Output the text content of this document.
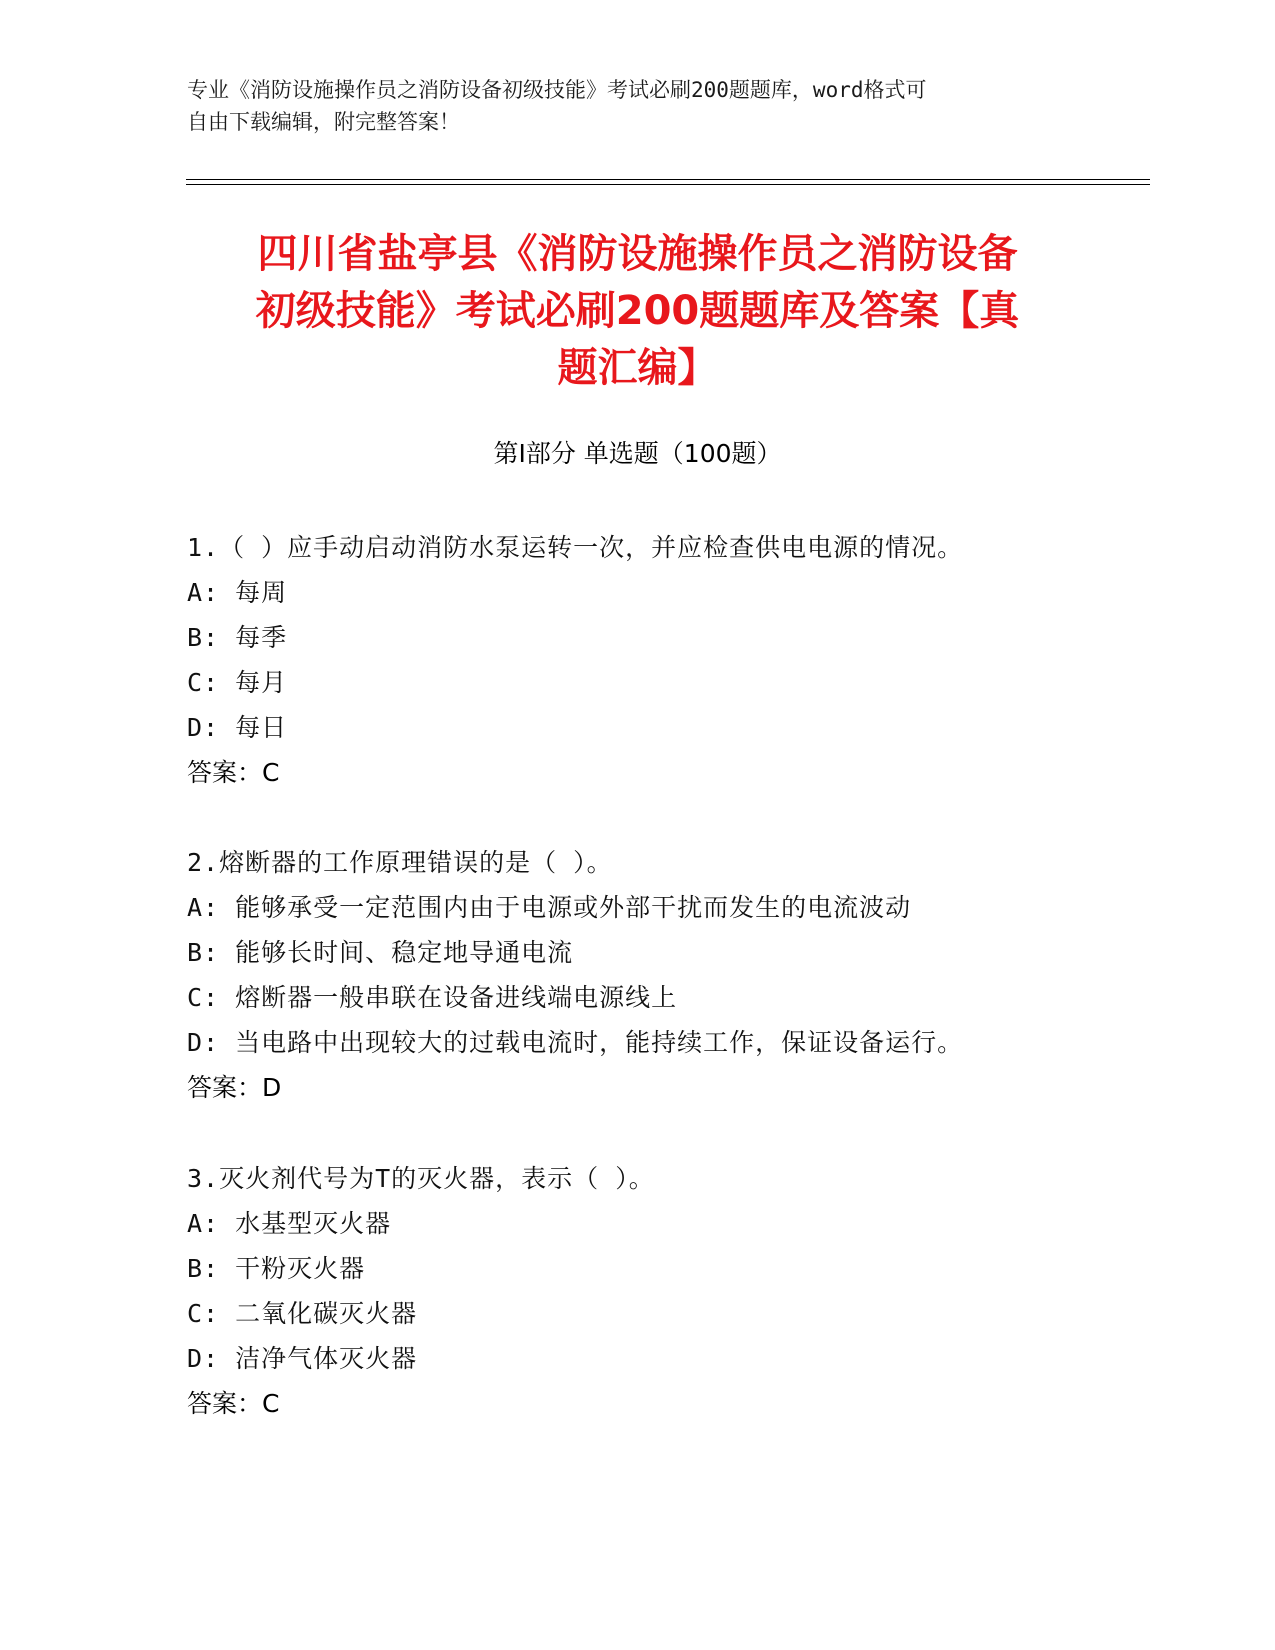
专业《消防设施操作员之消防设备初级技能》考试必刷200题题库，word格式可
自由下载编辑，附完整答案！
四川省盐亭县《消防设施操作员之消防设备
初级技能》考试必刷200题题库及答案【真
题汇编】
第I部分 单选题（100题）
1.（ ）应手动启动消防水泵运转一次，并应检查供电电源的情况。
A: 每周
B: 每季
C: 每月
D: 每日
答案：C
2.熔断器的工作原理错误的是（ ）。
A: 能够承受一定范围内由于电源或外部干扰而发生的电流波动
B: 能够长时间、稳定地导通电流
C: 熔断器一般串联在设备进线端电源线上
D: 当电路中出现较大的过载电流时，能持续工作，保证设备运行。
答案：D
3.灭火剂代号为T的灭火器，表示（ ）。
A: 水基型灭火器
B: 干粉灭火器
C: 二氧化碳灭火器
D: 洁净气体灭火器
答案：C
